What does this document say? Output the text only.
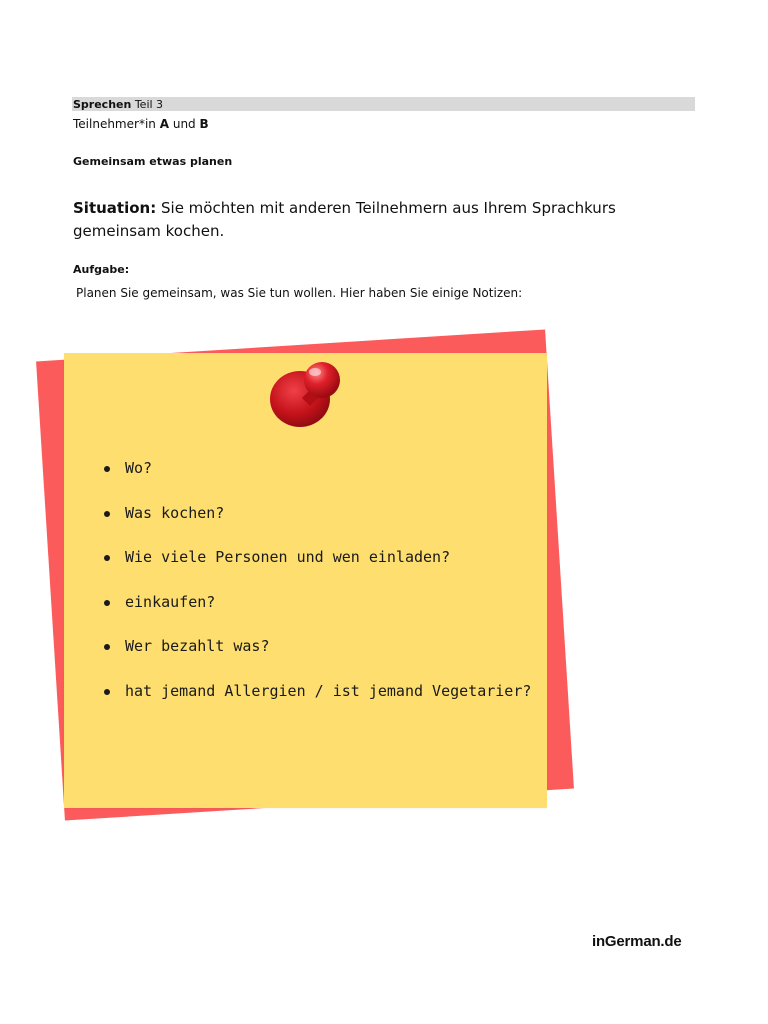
Sprechen Teil 3
Teilnehmer*in A und B
Gemeinsam etwas planen
Situation: Sie möchten mit anderen Teilnehmern aus Ihrem Sprachkurs gemeinsam kochen.
Aufgabe:
Planen Sie gemeinsam, was Sie tun wollen. Hier haben Sie einige Notizen:
Wo?
Was kochen?
Wie viele Personen und wen einladen?
einkaufen?
Wer bezahlt was?
hat jemand Allergien / ist jemand Vegetarier?
inGerman.de
